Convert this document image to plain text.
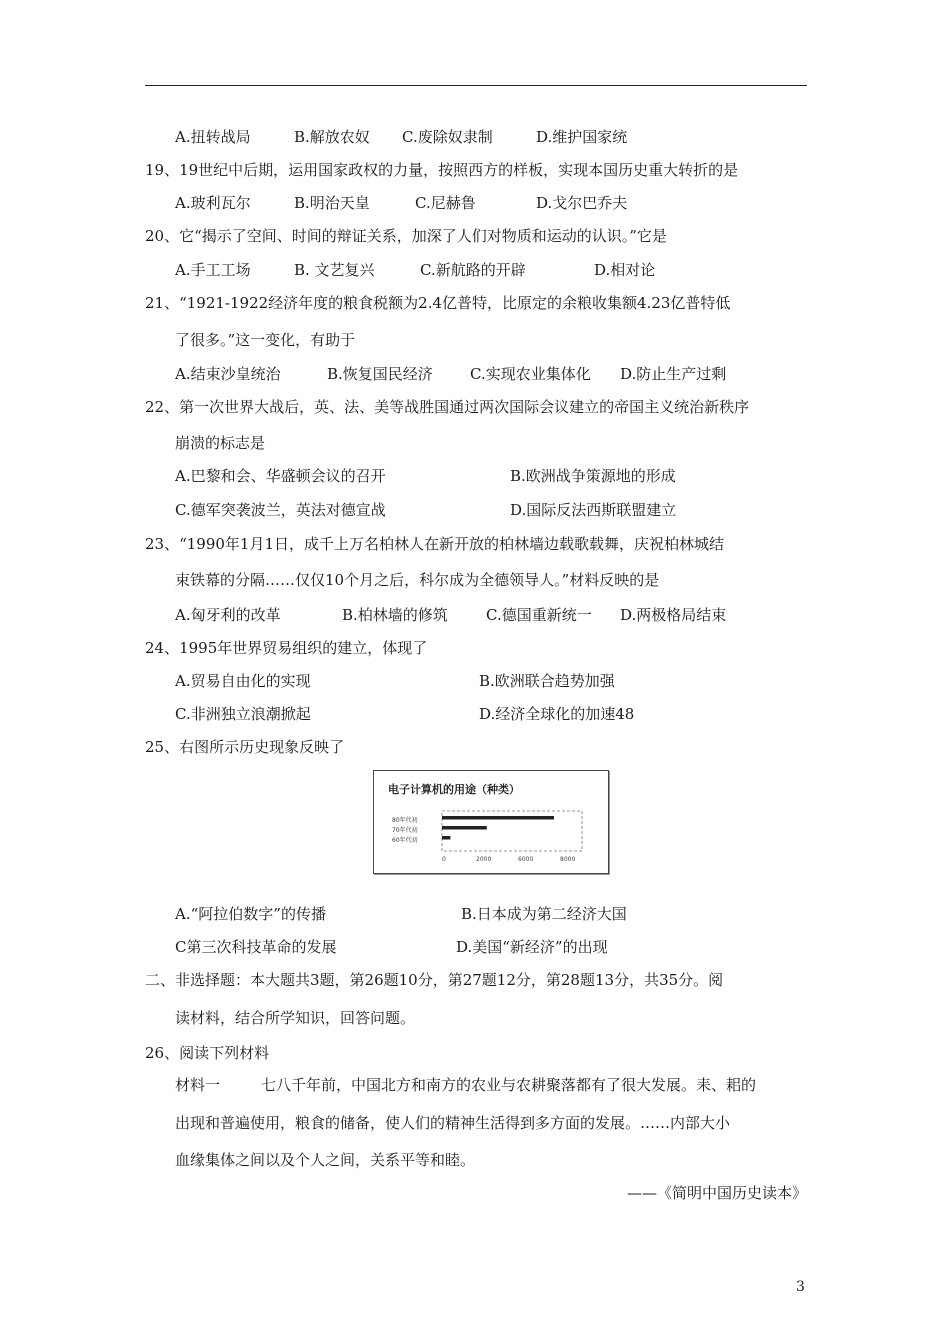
A.扭转战局	B.解放农奴 C.废除奴隶制	D.维护国家统
19、19世纪中后期，运用国家政权的力量，按照西方的样板，实现本国历史重大转折的是
A.玻利瓦尔	B.明治天皇	C.尼赫鲁	D.戈尔巴乔夫
20、它“揭示了空间、时间的辩证关系，加深了人们对物质和运动的认识。”它是
A.手工工场	B. 文艺复兴	C.新航路的开辟	D.相对论
21、“1921-1922经济年度的粮食税额为2.4亿普特，比原定的余粮收集额4.23亿普特低
了很多。”这一变化，有助于
A.结束沙皇统治	B.恢复国民经济 C.实现农业集体化 D.防止生产过剩
22、第一次世界大战后，英、法、美等战胜国通过两次国际会议建立的帝国主义统治新秩序
崩溃的标志是
A.巴黎和会、华盛顿会议的召开	B.欧洲战争策源地的形成
C.德军突袭波兰，英法对德宣战	D.国际反法西斯联盟建立
23、“1990年1月1日，成千上万名柏林人在新开放的柏林墙边载歌载舞，庆祝柏林城结
束铁幕的分隔……仅仅10个月之后，科尔成为全德领导人。”材料反映的是
A.匈牙利的改革	B.柏林墙的修筑	C.德国重新统一 D.两极格局结束
24、1995年世界贸易组织的建立，体现了
A.贸易自由化的实现	B.欧洲联合趋势加强
C.非洲独立浪潮掀起	D.经济全球化的加速48
25、右图所示历史现象反映了
电子计算机的用途（种类）
80年代初
70年代初
60年代初
0	2000	6000	8000
A.“阿拉伯数字”的传播	B.日本成为第二经济大国
C第三次科技革命的发展	D.美国“新经济”的出现
二、非选择题：本大题共3题，第26题10分，第27题12分，第28题13分，共35分。阅
读材料，结合所学知识，回答问题。
26、阅读下列材料
材料一	七八千年前，中国北方和南方的农业与农耕聚落都有了很大发展。耒、耜的
出现和普遍使用，粮食的储备，使人们的精神生活得到多方面的发展。……内部大小
血缘集体之间以及个人之间，关系平等和睦。
——《简明中国历史读本》
3
